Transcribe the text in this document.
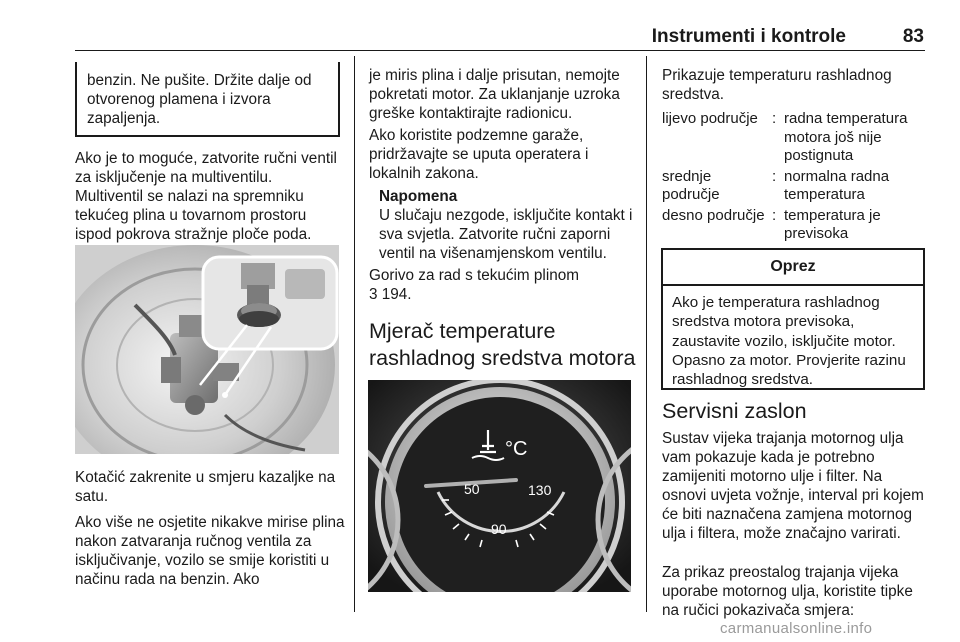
Instrumenti i kontrole	83

benzin. Ne pušite. Držite dalje od otvorenog plamena i izvora zapaljenja.

Ako je to moguće, zatvorite ručni ventil za isključenje na multiventilu. Multiventil se nalazi na spremniku tekućeg plina u tovarnom prostoru ispod pokrova stražnje ploče poda.

Kotačić zakrenite u smjeru kazaljke na satu.

Ako više ne osjetite nikakve mirise plina nakon zatvaranja ručnog ventila za isključivanje, vozilo se smije koristiti u načinu rada na benzin. Ako

je miris plina i dalje prisutan, nemojte pokretati motor. Za uklanjanje uzroka greške kontaktirajte radionicu.

Ako koristite podzemne garaže, pridržavajte se uputa operatera i lokalnih zakona.

Napomena

U slučaju nezgode, isključite kontakt i sva svjetla. Zatvorite ručni zaporni ventil na višenamjenskom ventilu.

Gorivo za rad s tekućim plinom

3 194.

Mjerač temperature rashladnog sredstva motora

°C
50
90
130

Prikazuje temperaturu rashladnog sredstva.

lijevo područje : radna temperatura motora još nije postignuta
srednje područje
: normalna radna temperatura
desno područje : temperatura je previsoka
Oprez

Ako je temperatura rashladnog sredstva motora previsoka, zaustavite vozilo, isključite motor. Opasno za motor. Provjerite razinu rashladnog sredstva.

Servisni zaslon

Sustav vijeka trajanja motornog ulja vam pokazuje kada je potrebno zamijeniti motorno ulje i filter. Na osnovi uvjeta vožnje, interval pri kojem će biti naznačena zamjena motornog ulja i filtera, može značajno varirati.

Za prikaz preostalog trajanja vijeka uporabe motornog ulja, koristite tipke na ručici pokazivača smjera:

carmanualsonline.info
